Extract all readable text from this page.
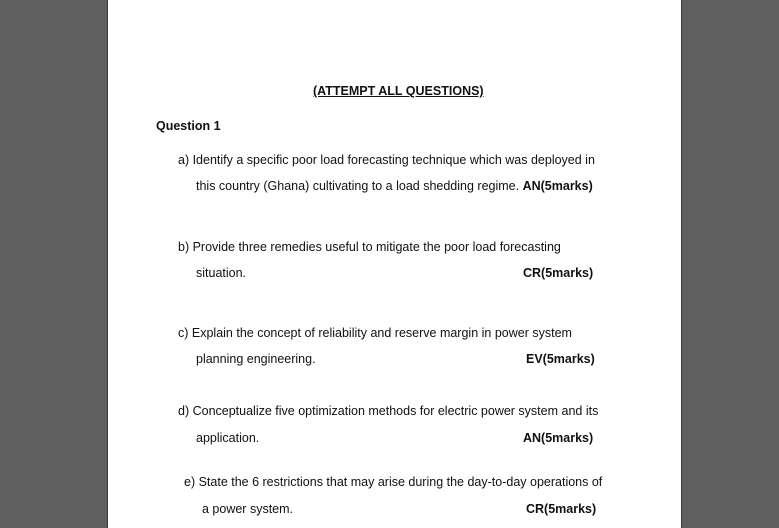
(ATTEMPT ALL QUESTIONS)
Question 1
a) Identify a specific poor load forecasting technique which was deployed in
this country (Ghana) cultivating to a load shedding regime. AN(5marks)
b) Provide three remedies useful to mitigate the poor load forecasting
situation.	CR(5marks)
c) Explain the concept of reliability and reserve margin in power system
planning engineering.	EV(5marks)
d) Conceptualize five optimization methods for electric power system and its
application.	AN(5marks)
e) State the 6 restrictions that may arise during the day-to-day operations of
a power system.	CR(5marks)
